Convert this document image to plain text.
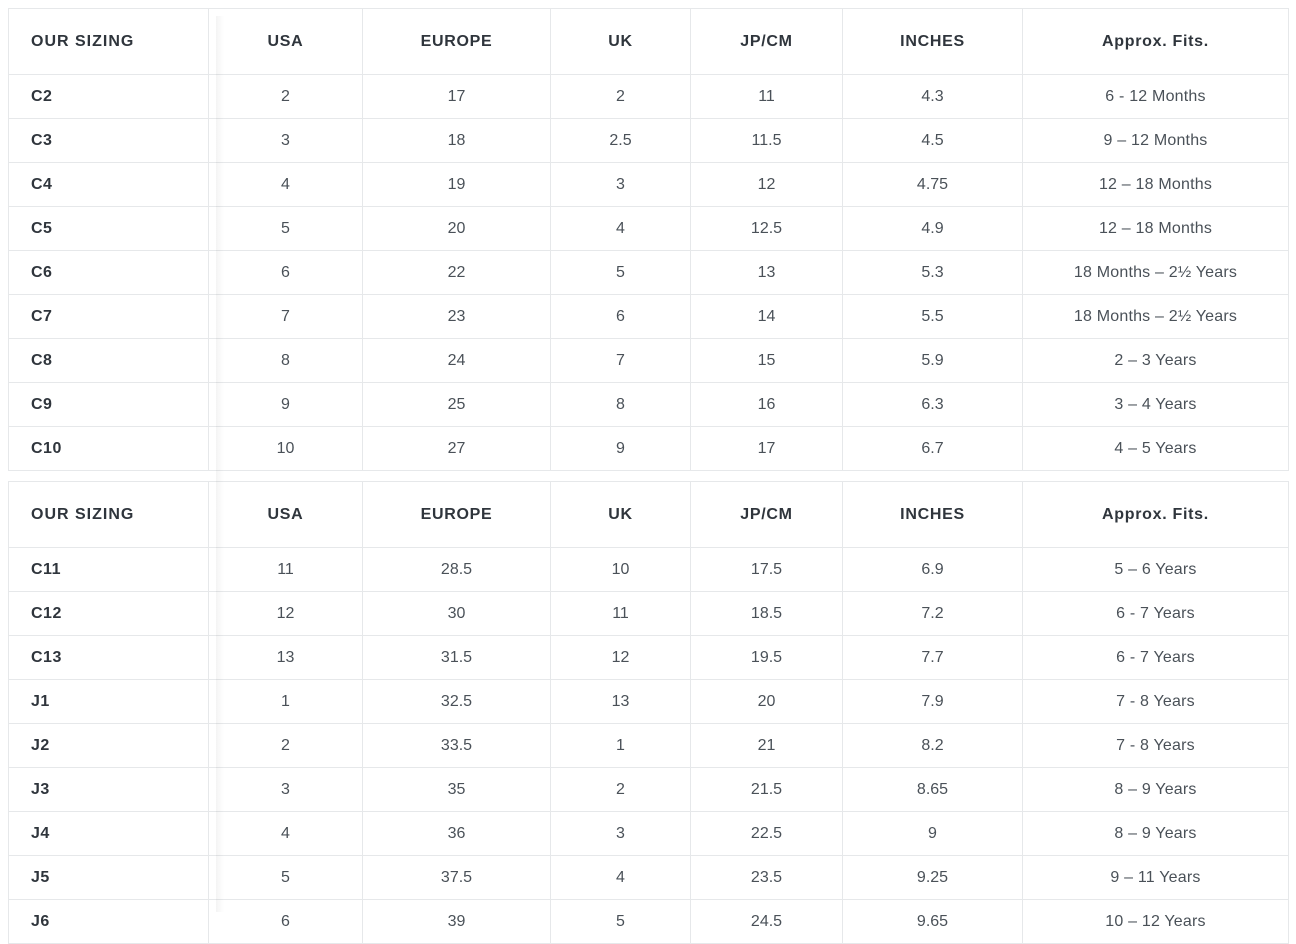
OUR SIZING	USA	EUROPE	UK	JP/CM	INCHES	Approx. Fits.
C2	2	17	2	11	4.3	6 - 12 Months
C3	3	18	2.5	11.5	4.5	9 – 12 Months
C4	4	19	3	12	4.75	12 – 18 Months
C5	5	20	4	12.5	4.9	12 – 18 Months
C6	6	22	5	13	5.3	18 Months – 2½ Years
C7	7	23	6	14	5.5	18 Months – 2½ Years
C8	8	24	7	15	5.9	2 – 3 Years
C9	9	25	8	16	6.3	3 – 4 Years
C10	10	27	9	17	6.7	4 – 5 Years
OUR SIZING	USA	EUROPE	UK	JP/CM	INCHES	Approx. Fits.
C11	11	28.5	10	17.5	6.9	5 – 6 Years
C12	12	30	11	18.5	7.2	6 - 7 Years
C13	13	31.5	12	19.5	7.7	6 - 7 Years
J1	1	32.5	13	20	7.9	7 - 8 Years
J2	2	33.5	1	21	8.2	7 - 8 Years
J3	3	35	2	21.5	8.65	8 – 9 Years
J4	4	36	3	22.5	9	8 – 9 Years
J5	5	37.5	4	23.5	9.25	9 – 11 Years
J6	6	39	5	24.5	9.65	10 – 12 Years
